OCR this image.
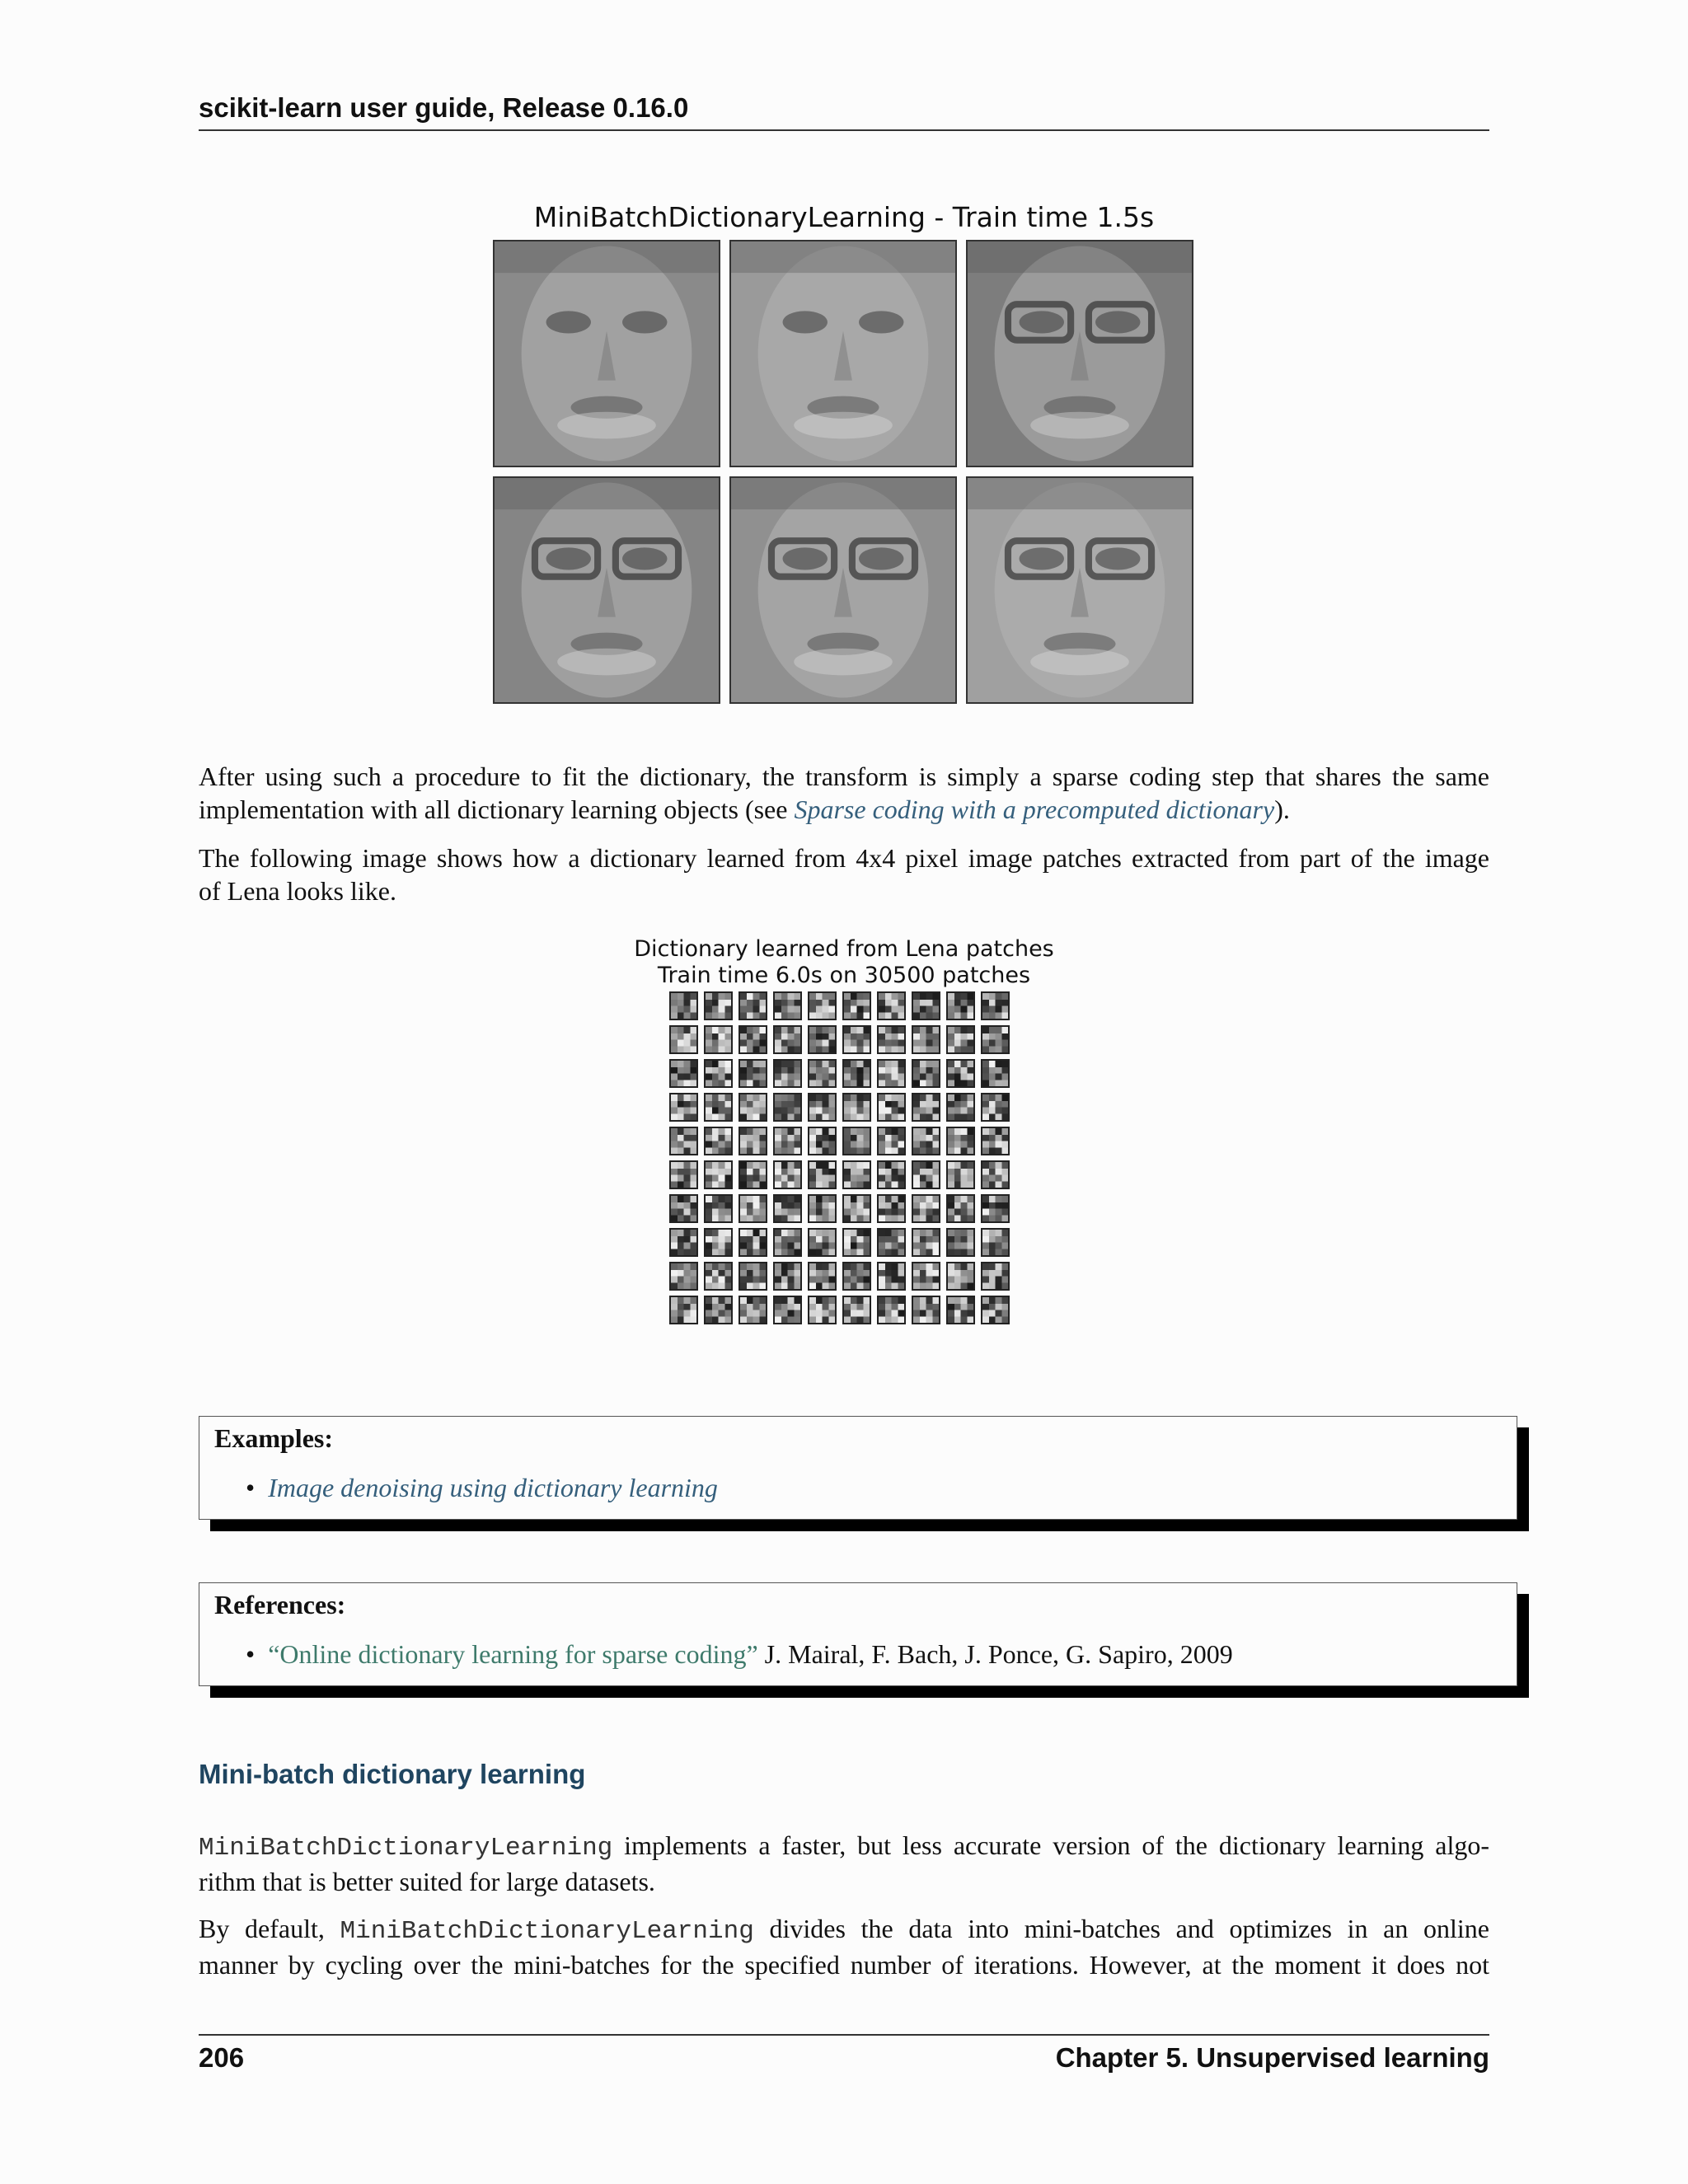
scikit-learn user guide, Release 0.16.0
MiniBatchDictionaryLearning - Train time 1.5s
After using such a procedure to fit the dictionary, the transform is simply a sparse coding step that shares the same
implementation with all dictionary learning objects (see Sparse coding with a precomputed dictionary).
The following image shows how a dictionary learned from 4x4 pixel image patches extracted from part of the image
of Lena looks like.
Dictionary learned from Lena patches
Train time 6.0s on 30500 patches
Examples:
• Image denoising using dictionary learning
References:
• “Online dictionary learning for sparse coding” J. Mairal, F. Bach, J. Ponce, G. Sapiro, 2009
Mini-batch dictionary learning
MiniBatchDictionaryLearning implements a faster, but less accurate version of the dictionary learning algo-
rithm that is better suited for large datasets.
By default, MiniBatchDictionaryLearning divides the data into mini-batches and optimizes in an online
manner by cycling over the mini-batches for the specified number of iterations. However, at the moment it does not
206	Chapter 5. Unsupervised learning
